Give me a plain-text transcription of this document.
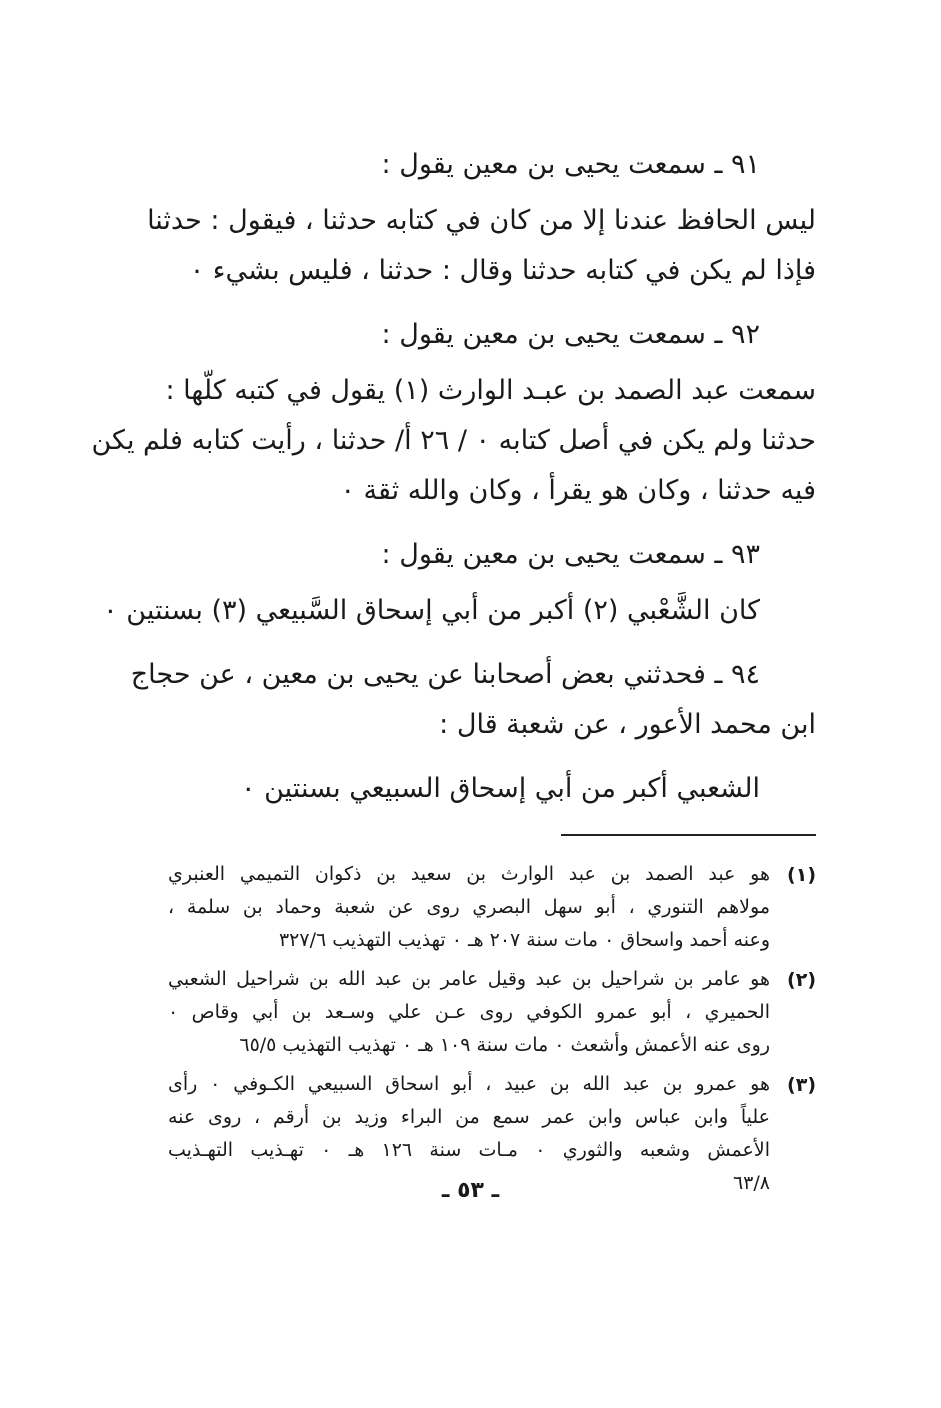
٩١ ـ سمعت يحيى بن معين يقول :
ليس الحافظ عندنا إلا من كان في كتابه حدثنا ، فيقول : حدثنا
فإذا لم يكن في كتابه حدثنا وقال : حدثنا ، فليس بشيء ٠
٩٢ ـ سمعت يحيى بن معين يقول :
سمعت عبد الصمد بن عبـد الوارث (١) يقول في كتبه كلّها :
حدثنا ولم يكن في أصل كتابه ٠ / ٢٦ أ/ حدثنا ، رأيت كتابه فلم يكن
فيه حدثنا ، وكان هو يقرأ ، وكان والله ثقة ٠
٩٣ ـ سمعت يحيى بن معين يقول :
كان الشَّعْبي (٢) أكبر من أبي إسحاق السَّبيعي (٣) بسنتين ٠
٩٤ ـ فحدثني بعض أصحابنا عن يحيى بن معين ، عن حجاج
ابن محمد الأعور ، عن شعبة قال :
الشعبي أكبر من أبي إسحاق السبيعي بسنتين ٠
(١)
هو عبد الصمد بن عبد الوارث بن سعيد بن ذكوان التميمي العنبري
مولاهم التنوري ، أبو سهل البصري روى عن شعبة وحماد بن سلمة ،
وعنه أحمد واسحاق ٠ مات سنة ٢٠٧ هـ ٠ تهذيب التهذيب ٣٢٧/٦
(٢)
هو عامر بن شراحيل بن عبد وقيل عامر بن عبد الله بن شراحيل الشعبي
الحميري ، أبو عمرو الكوفي روى عـن علي وسـعد بن أبي وقاص ٠
روى عنه الأعمش وأشعث ٠ مات سنة ١٠٩ هـ ٠ تهذيب التهذيب ٦٥/٥
(٣)
هو عمرو بن عبد الله بن عبيد ، أبو اسحاق السبيعي الكـوفي ٠ رأى
علياً وابن عباس وابن عمر سمع من البراء وزيد بن أرقم ، روى عنه
الأعمش وشعبه والثوري ٠ مـات سنة ١٢٦ هـ ٠ تهـذيب التهـذيب
٦٣/٨
ـ ٥٣ ـ
